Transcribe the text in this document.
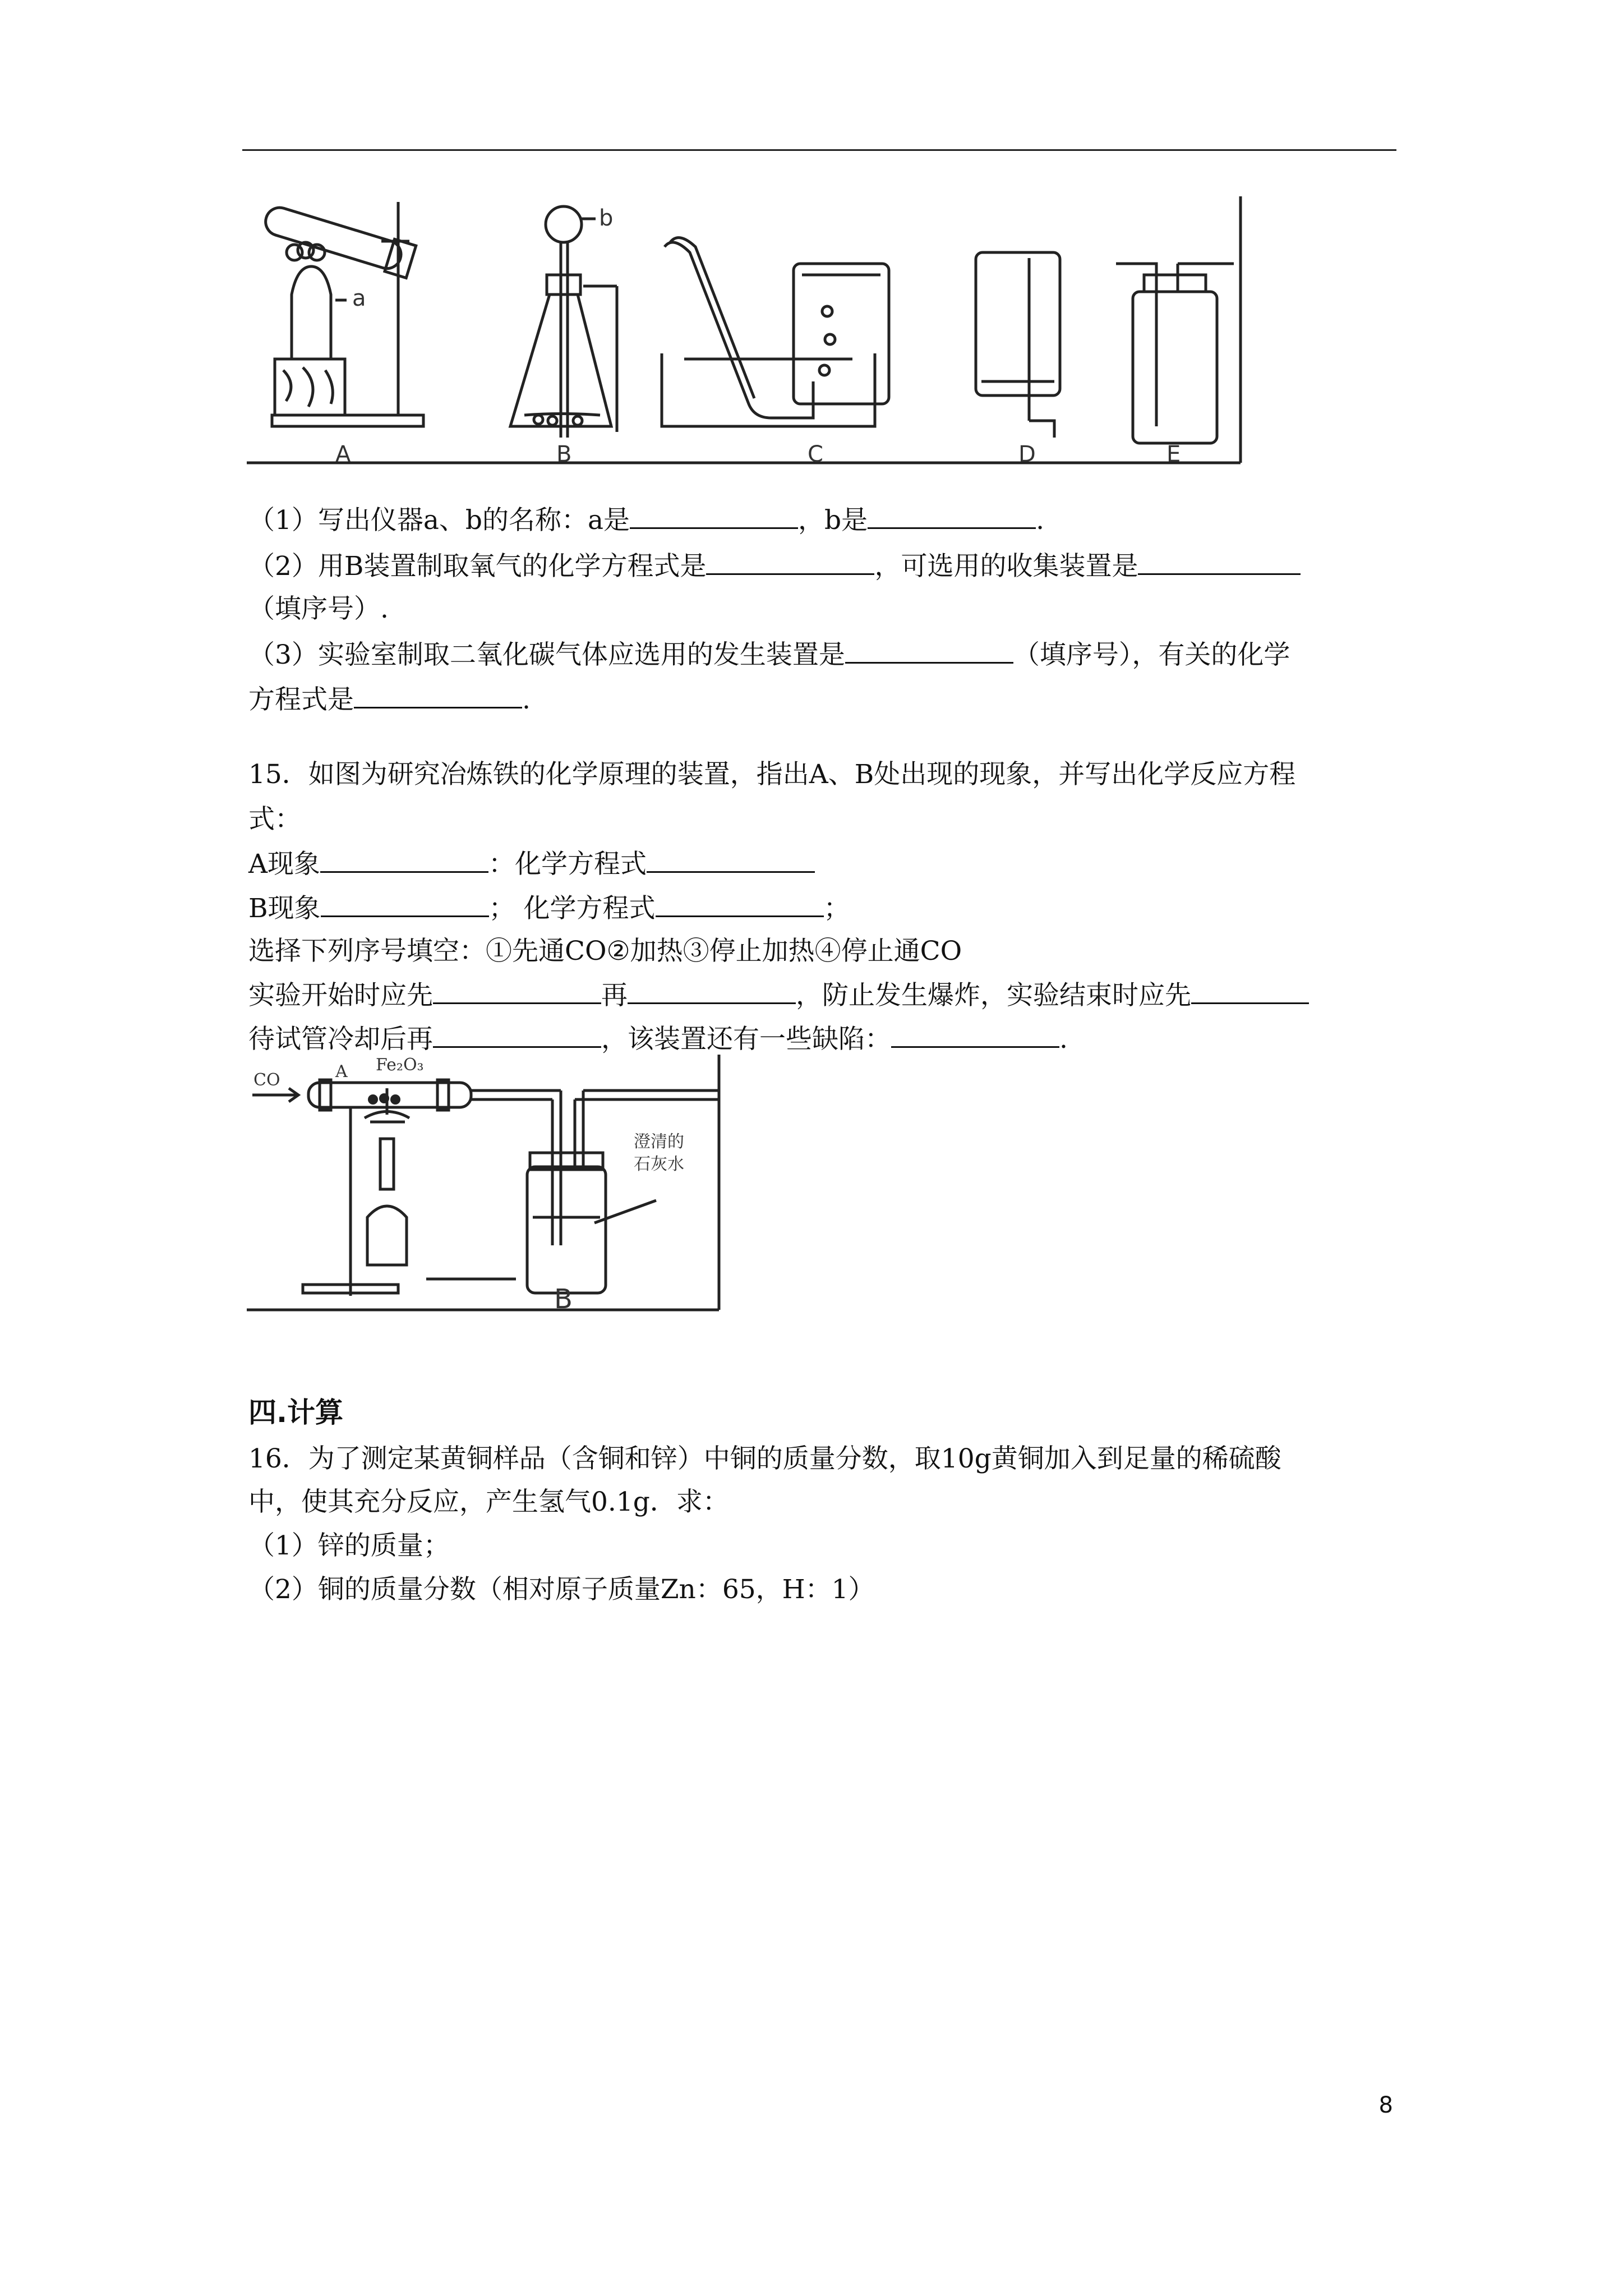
a
b
A	B	C	D	E
（1）写出仪器a、b的名称：a是	，b是	.
（2）用B装置制取氧气的化学方程式是	，可选用的收集装置是
（填序号）.
（3）实验室制取二氧化碳气体应选用的发生装置是	（填序号），有关的化学
方程式是	.
15．如图为研究冶炼铁的化学原理的装置，指出A、B处出现的现象，并写出化学反应方程
式：
A现象	：化学方程式
B现象	； 化学方程式	；
选择下列序号填空：①先通CO②加热③停止加热④停止通CO
实验开始时应先	再	，防止发生爆炸，实验结束时应先
待试管冷却后再	，该装置还有一些缺陷：	.
CO	A Fe₂O₃
澄清的
石灰水
B
四.计算
16．为了测定某黄铜样品（含铜和锌）中铜的质量分数，取10g黄铜加入到足量的稀硫酸
中，使其充分反应，产生氢气0.1g．求：
（1）锌的质量；
（2）铜的质量分数（相对原子质量Zn：65，H：1）
8
